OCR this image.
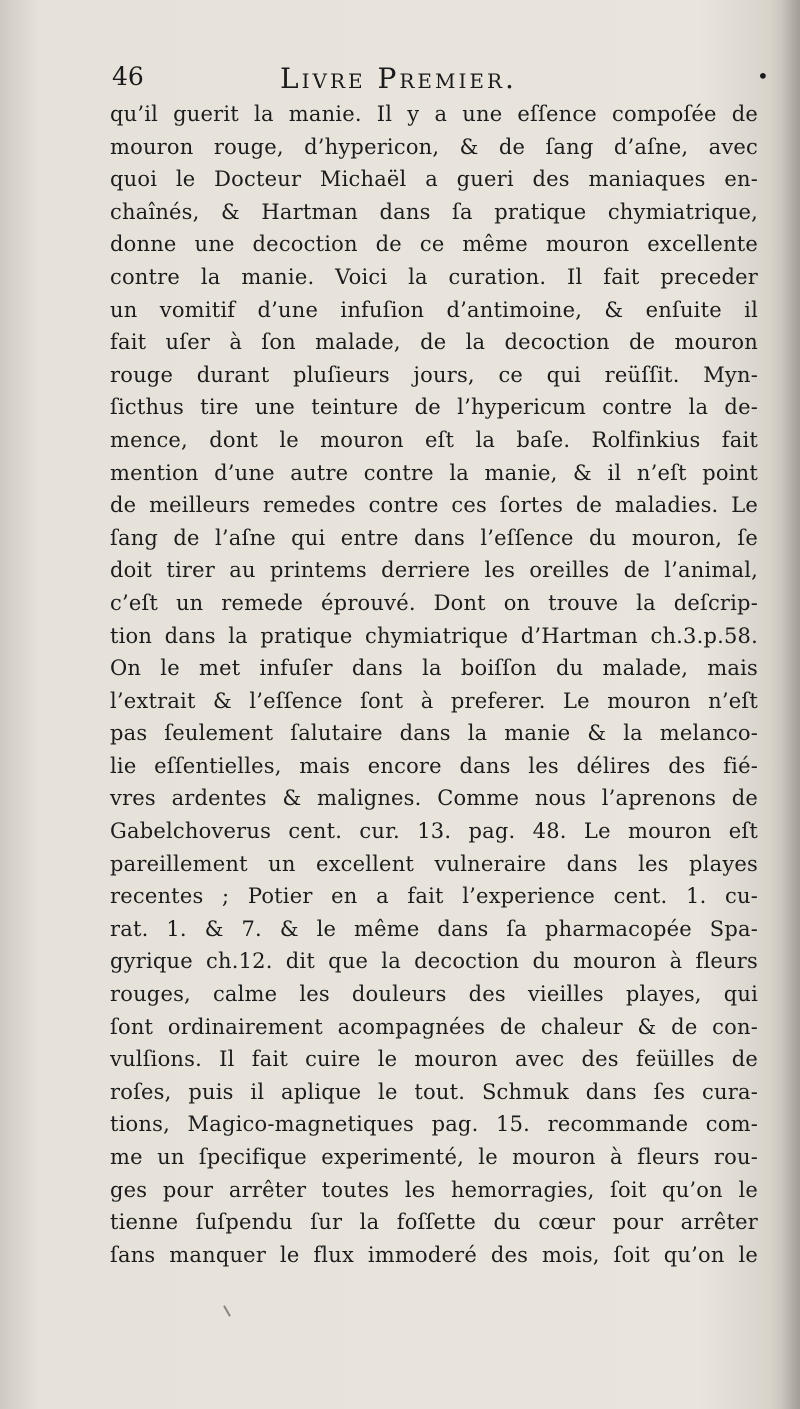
46	Livre Premier.	•
qu’il guerit la manie. Il y a une eſſence compoſée de
mouron rouge, d’hypericon, & de ſang d’aſne, avec
quoi le Docteur Michaël a gueri des maniaques en-
chaînés, & Hartman dans ſa pratique chymiatrique,
donne une decoction de ce même mouron excellente
contre la manie. Voici la curation. Il fait preceder
un vomitif d’une infuſion d’antimoine, & enſuite il
fait uſer à ſon malade, de la decoction de mouron
rouge durant pluſieurs jours, ce qui reüſſit. Myn-
ſicthus tire une teinture de l’hypericum contre la de-
mence, dont le mouron eſt la baſe. Rolfinkius fait
mention d’une autre contre la manie, & il n’eſt point
de meilleurs remedes contre ces ſortes de maladies. Le
ſang de l’aſne qui entre dans l’eſſence du mouron, ſe
doit tirer au printems derriere les oreilles de l’animal,
c’eſt un remede éprouvé. Dont on trouve la deſcrip-
tion dans la pratique chymiatrique d’Hartman ch.3.p.58.
On le met infuſer dans la boiſſon du malade, mais
l’extrait & l’eſſence ſont à preferer. Le mouron n’eſt
pas ſeulement ſalutaire dans la manie & la melanco-
lie eſſentielles, mais encore dans les délires des fié-
vres ardentes & malignes. Comme nous l’aprenons de
Gabelchoverus cent. cur. 13. pag. 48. Le mouron eſt
pareillement un excellent vulneraire dans les playes
recentes ; Potier en a fait l’experience cent. 1. cu-
rat. 1. & 7. & le même dans ſa pharmacopée Spa-
gyrique ch.12. dit que la decoction du mouron à fleurs
rouges, calme les douleurs des vieilles playes, qui
ſont ordinairement acompagnées de chaleur & de con-
vulſions. Il fait cuire le mouron avec des feüilles de
roſes, puis il aplique le tout. Schmuk dans ſes cura-
tions, Magico-magnetiques pag. 15. recommande com-
me un ſpecifique experimenté, le mouron à fleurs rou-
ges pour arrêter toutes les hemorragies, ſoit qu’on le
tienne ſuſpendu ſur la foſſette du cœur pour arrêter
ſans manquer le flux immoderé des mois, ſoit qu’on le
